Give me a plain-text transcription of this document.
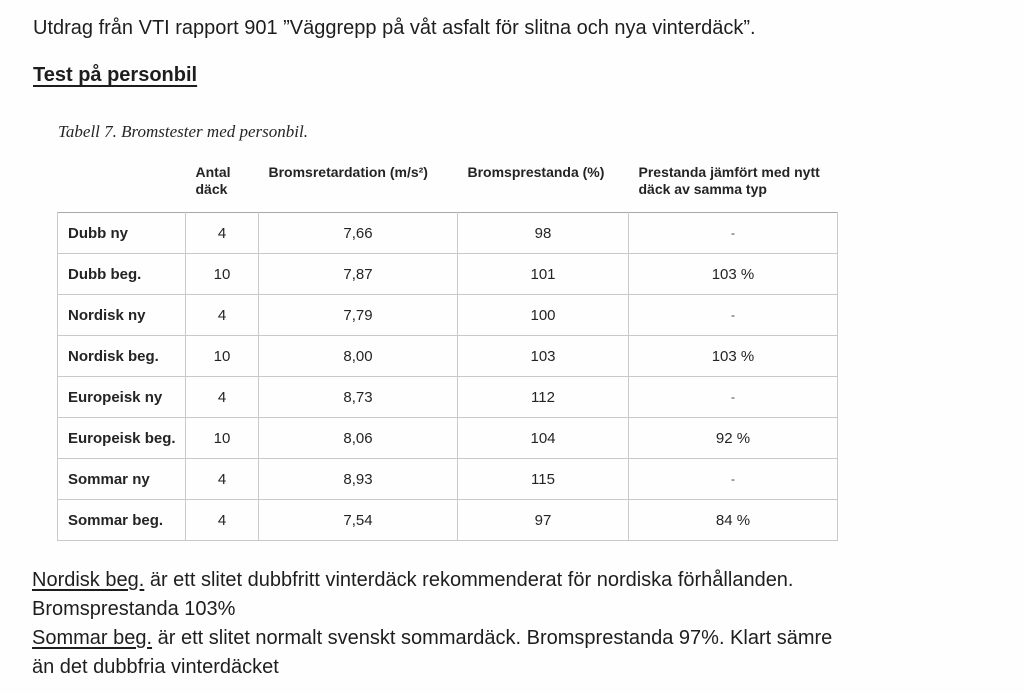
Utdrag från VTI rapport 901 ”Väggrepp på våt asfalt för slitna och nya vinterdäck”.

Test på personbil

Tabell 7. Bromstester med personbil.

	Antal däck	Bromsretardation (m/s²)	Bromsprestanda (%)	Prestanda jämfört med nytt däck av samma typ
Dubb ny	4	7,66	98	-
Dubb beg.	10	7,87	101	103 %
Nordisk ny	4	7,79	100	-
Nordisk beg.	10	8,00	103	103 %
Europeisk ny	4	8,73	112	-
Europeisk beg.	10	8,06	104	92 %
Sommar ny	4	8,93	115	-
Sommar beg.	4	7,54	97	84 %
Nordisk beg. är ett slitet dubbfritt vinterdäck rekommenderat för nordiska förhållanden.
Bromsprestanda 103%
Sommar beg. är ett slitet normalt svenskt sommardäck. Bromsprestanda 97%. Klart sämre
än det dubbfria vinterdäcket
